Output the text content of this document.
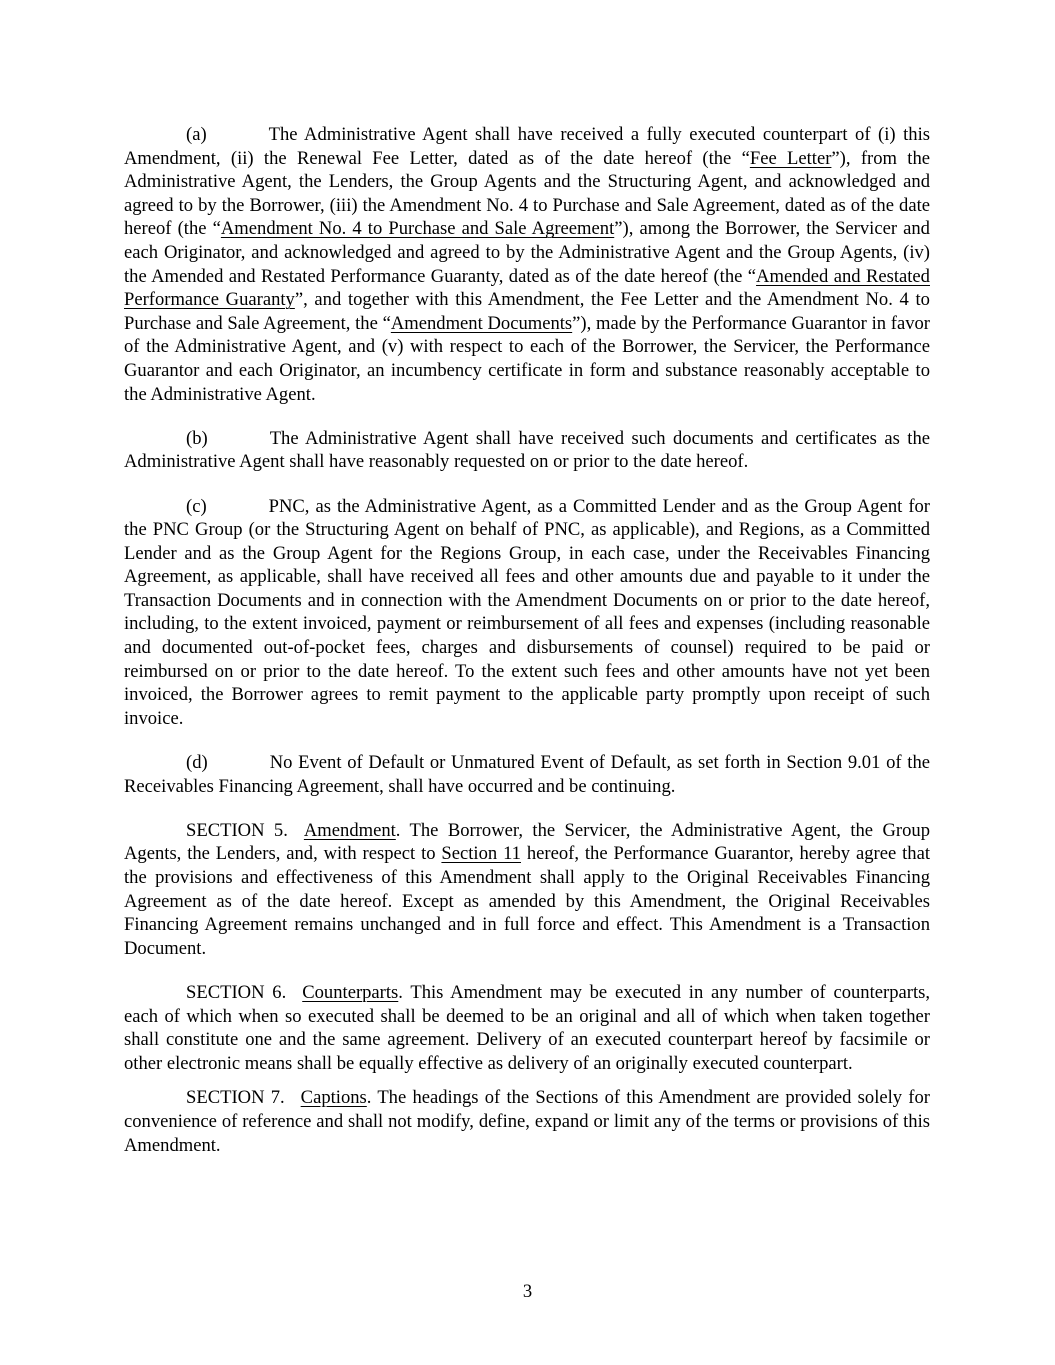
(a)	The Administrative Agent shall have received a fully executed counterpart of (i) this Amendment, (ii) the Renewal Fee Letter, dated as of the date hereof (the “Fee Letter”), from the Administrative Agent, the Lenders, the Group Agents and the Structuring Agent, and acknowledged and agreed to by the Borrower, (iii) the Amendment No. 4 to Purchase and Sale Agreement, dated as of the date hereof (the “Amendment No. 4 to Purchase and Sale Agreement”), among the Borrower, the Servicer and each Originator, and acknowledged and agreed to by the Administrative Agent and the Group Agents, (iv) the Amended and Restated Performance Guaranty, dated as of the date hereof (the “Amended and Restated Performance Guaranty”, and together with this Amendment, the Fee Letter and the Amendment No. 4 to Purchase and Sale Agreement, the “Amendment Documents”), made by the Performance Guarantor in favor of the Administrative Agent, and (v) with respect to each of the Borrower, the Servicer, the Performance Guarantor and each Originator, an incumbency certificate in form and substance reasonably acceptable to the Administrative Agent.

(b)	The Administrative Agent shall have received such documents and certificates as the Administrative Agent shall have reasonably requested on or prior to the date hereof.

(c)	PNC, as the Administrative Agent, as a Committed Lender and as the Group Agent for the PNC Group (or the Structuring Agent on behalf of PNC, as applicable), and Regions, as a Committed Lender and as the Group Agent for the Regions Group, in each case, under the Receivables Financing Agreement, as applicable, shall have received all fees and other amounts due and payable to it under the Transaction Documents and in connection with the Amendment Documents on or prior to the date hereof, including, to the extent invoiced, payment or reimbursement of all fees and expenses (including reasonable and documented out-of-pocket fees, charges and disbursements of counsel) required to be paid or reimbursed on or prior to the date hereof. To the extent such fees and other amounts have not yet been invoiced, the Borrower agrees to remit payment to the applicable party promptly upon receipt of such invoice.

(d)	No Event of Default or Unmatured Event of Default, as set forth in Section 9.01 of the Receivables Financing Agreement, shall have occurred and be continuing.

SECTION 5. Amendment. The Borrower, the Servicer, the Administrative Agent, the Group Agents, the Lenders, and, with respect to Section 11 hereof, the Performance Guarantor, hereby agree that the provisions and effectiveness of this Amendment shall apply to the Original Receivables Financing Agreement as of the date hereof. Except as amended by this Amendment, the Original Receivables Financing Agreement remains unchanged and in full force and effect. This Amendment is a Transaction Document.

SECTION 6. Counterparts. This Amendment may be executed in any number of counterparts, each of which when so executed shall be deemed to be an original and all of which when taken together shall constitute one and the same agreement. Delivery of an executed counterpart hereof by facsimile or other electronic means shall be equally effective as delivery of an originally executed counterpart.

SECTION 7. Captions. The headings of the Sections of this Amendment are provided solely for convenience of reference and shall not modify, define, expand or limit any of the terms or provisions of this Amendment.

3
